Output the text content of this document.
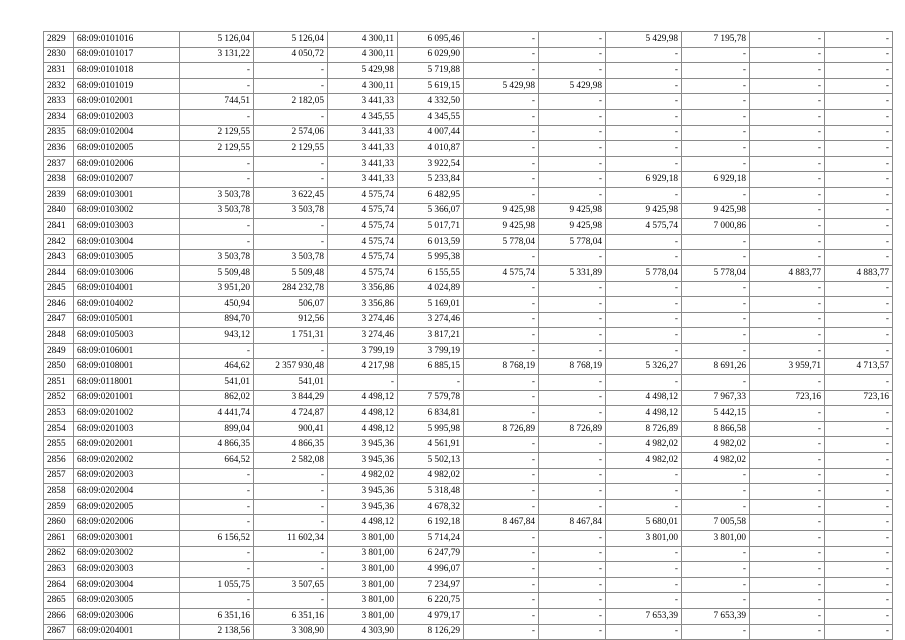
2829	68:09:0101016	5 126,04	5 126,04	4 300,11	6 095,46	-	-	5 429,98	7 195,78	-	-
2830	68:09:0101017	3 131,22	4 050,72	4 300,11	6 029,90	-	-	-	-	-	-
2831	68:09:0101018	-	-	5 429,98	5 719,88	-	-	-	-	-	-
2832	68:09:0101019	-	-	4 300,11	5 619,15	5 429,98	5 429,98	-	-	-	-
2833	68:09:0102001	744,51	2 182,05	3 441,33	4 332,50	-	-	-	-	-	-
2834	68:09:0102003	-	-	4 345,55	4 345,55	-	-	-	-	-	-
2835	68:09:0102004	2 129,55	2 574,06	3 441,33	4 007,44	-	-	-	-	-	-
2836	68:09:0102005	2 129,55	2 129,55	3 441,33	4 010,87	-	-	-	-	-	-
2837	68:09:0102006	-	-	3 441,33	3 922,54	-	-	-	-	-	-
2838	68:09:0102007	-	-	3 441,33	5 233,84	-	-	6 929,18	6 929,18	-	-
2839	68:09:0103001	3 503,78	3 622,45	4 575,74	6 482,95	-	-	-	-	-	-
2840	68:09:0103002	3 503,78	3 503,78	4 575,74	5 366,07	9 425,98	9 425,98	9 425,98	9 425,98	-	-
2841	68:09:0103003	-	-	4 575,74	5 017,71	9 425,98	9 425,98	4 575,74	7 000,86	-	-
2842	68:09:0103004	-	-	4 575,74	6 013,59	5 778,04	5 778,04	-	-	-	-
2843	68:09:0103005	3 503,78	3 503,78	4 575,74	5 995,38	-	-	-	-	-	-
2844	68:09:0103006	5 509,48	5 509,48	4 575,74	6 155,55	4 575,74	5 331,89	5 778,04	5 778,04	4 883,77	4 883,77
2845	68:09:0104001	3 951,20	284 232,78	3 356,86	4 024,89	-	-	-	-	-	-
2846	68:09:0104002	450,94	506,07	3 356,86	5 169,01	-	-	-	-	-	-
2847	68:09:0105001	894,70	912,56	3 274,46	3 274,46	-	-	-	-	-	-
2848	68:09:0105003	943,12	1 751,31	3 274,46	3 817,21	-	-	-	-	-	-
2849	68:09:0106001	-	-	3 799,19	3 799,19	-	-	-	-	-	-
2850	68:09:0108001	464,62	2 357 930,48	4 217,98	6 885,15	8 768,19	8 768,19	5 326,27	8 691,26	3 959,71	4 713,57
2851	68:09:0118001	541,01	541,01	-	-	-	-	-	-	-	-
2852	68:09:0201001	862,02	3 844,29	4 498,12	7 579,78	-	-	4 498,12	7 967,33	723,16	723,16
2853	68:09:0201002	4 441,74	4 724,87	4 498,12	6 834,81	-	-	4 498,12	5 442,15	-	-
2854	68:09:0201003	899,04	900,41	4 498,12	5 995,98	8 726,89	8 726,89	8 726,89	8 866,58	-	-
2855	68:09:0202001	4 866,35	4 866,35	3 945,36	4 561,91	-	-	4 982,02	4 982,02	-	-
2856	68:09:0202002	664,52	2 582,08	3 945,36	5 502,13	-	-	4 982,02	4 982,02	-	-
2857	68:09:0202003	-	-	4 982,02	4 982,02	-	-	-	-	-	-
2858	68:09:0202004	-	-	3 945,36	5 318,48	-	-	-	-	-	-
2859	68:09:0202005	-	-	3 945,36	4 678,32	-	-	-	-	-	-
2860	68:09:0202006	-	-	4 498,12	6 192,18	8 467,84	8 467,84	5 680,01	7 005,58	-	-
2861	68:09:0203001	6 156,52	11 602,34	3 801,00	5 714,24	-	-	3 801,00	3 801,00	-	-
2862	68:09:0203002	-	-	3 801,00	6 247,79	-	-	-	-	-	-
2863	68:09:0203003	-	-	3 801,00	4 996,07	-	-	-	-	-	-
2864	68:09:0203004	1 055,75	3 507,65	3 801,00	7 234,97	-	-	-	-	-	-
2865	68:09:0203005	-	-	3 801,00	6 220,75	-	-	-	-	-	-
2866	68:09:0203006	6 351,16	6 351,16	3 801,00	4 979,17	-	-	7 653,39	7 653,39	-	-
2867	68:09:0204001	2 138,56	3 308,90	4 303,90	8 126,29	-	-	-	-	-	-
